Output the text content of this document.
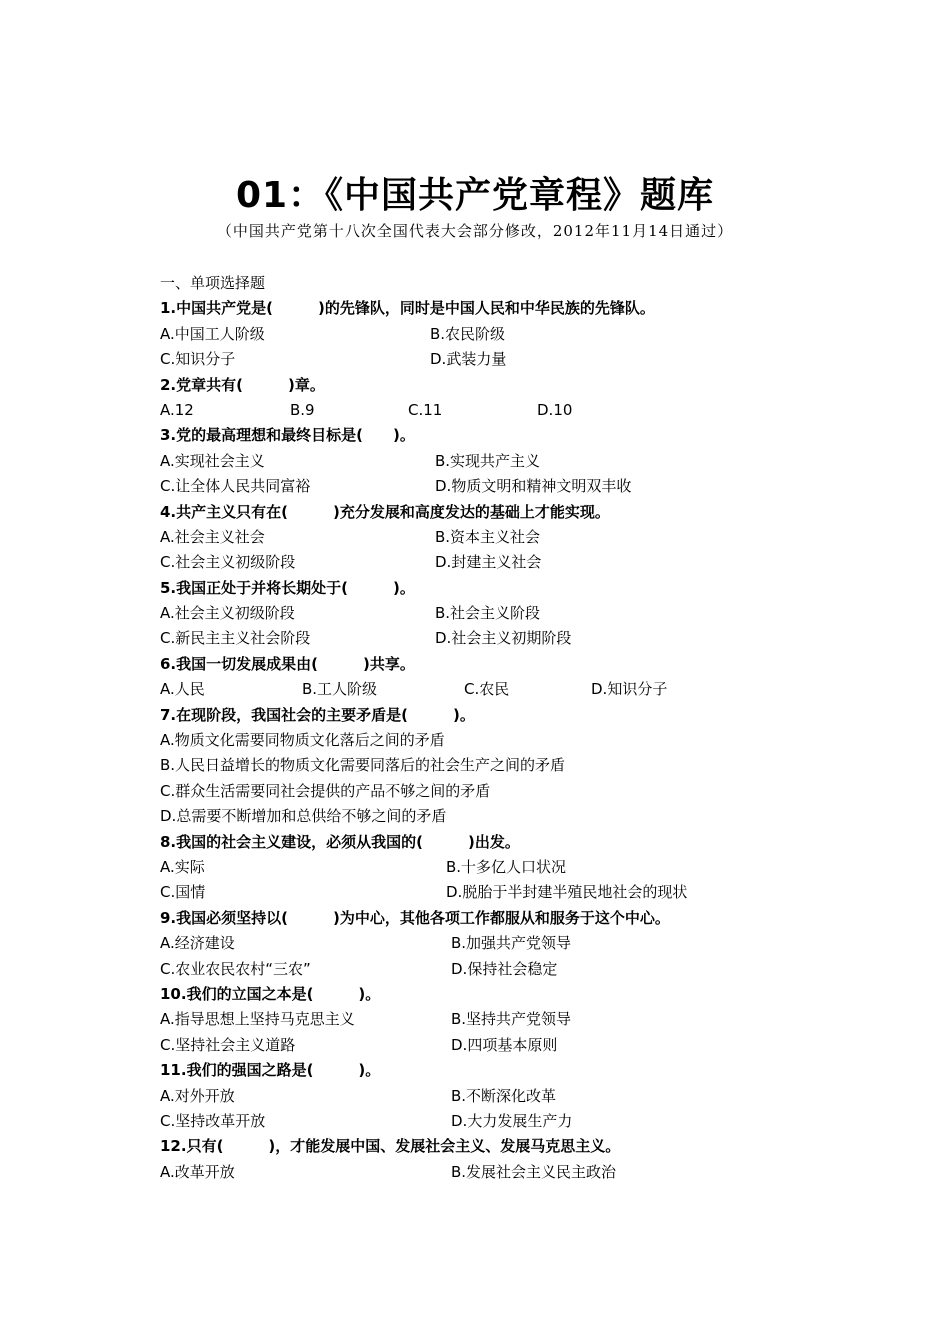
01：《中国共产党章程》题库
（中国共产党第十八次全国代表大会部分修改，2012年11月14日通过）
一、单项选择题
1.中国共产党是(　　　)的先锋队，同时是中国人民和中华民族的先锋队。
A.中国工人阶级	B.农民阶级
C.知识分子	D.武装力量
2.党章共有(　　　)章。
A.12	B.9	C.11	D.10
3.党的最高理想和最终目标是(　　)。
A.实现社会主义	B.实现共产主义
C.让全体人民共同富裕	D.物质文明和精神文明双丰收
4.共产主义只有在(　　　)充分发展和高度发达的基础上才能实现。
A.社会主义社会	B.资本主义社会
C.社会主义初级阶段	D.封建主义社会
5.我国正处于并将长期处于(　　　)。
A.社会主义初级阶段	B.社会主义阶段
C.新民主主义社会阶段	D.社会主义初期阶段
6.我国一切发展成果由(　　　)共享。
A.人民	B.工人阶级	C.农民	D.知识分子
7.在现阶段，我国社会的主要矛盾是(　　　)。
A.物质文化需要同物质文化落后之间的矛盾
B.人民日益增长的物质文化需要同落后的社会生产之间的矛盾
C.群众生活需要同社会提供的产品不够之间的矛盾
D.总需要不断增加和总供给不够之间的矛盾
8.我国的社会主义建设，必须从我国的(　　　)出发。
A.实际	B.十多亿人口状况
C.国情	D.脱胎于半封建半殖民地社会的现状
9.我国必须坚持以(　　　)为中心，其他各项工作都服从和服务于这个中心。
A.经济建设	B.加强共产党领导
C.农业农民农村“三农”	D.保持社会稳定
10.我们的立国之本是(　　　)。
A.指导思想上坚持马克思主义	B.坚持共产党领导
C.坚持社会主义道路	D.四项基本原则
11.我们的强国之路是(　　　)。
A.对外开放	B.不断深化改革
C.坚持改革开放	D.大力发展生产力
12.只有(　　　)，才能发展中国、发展社会主义、发展马克思主义。
A.改革开放	B.发展社会主义民主政治
